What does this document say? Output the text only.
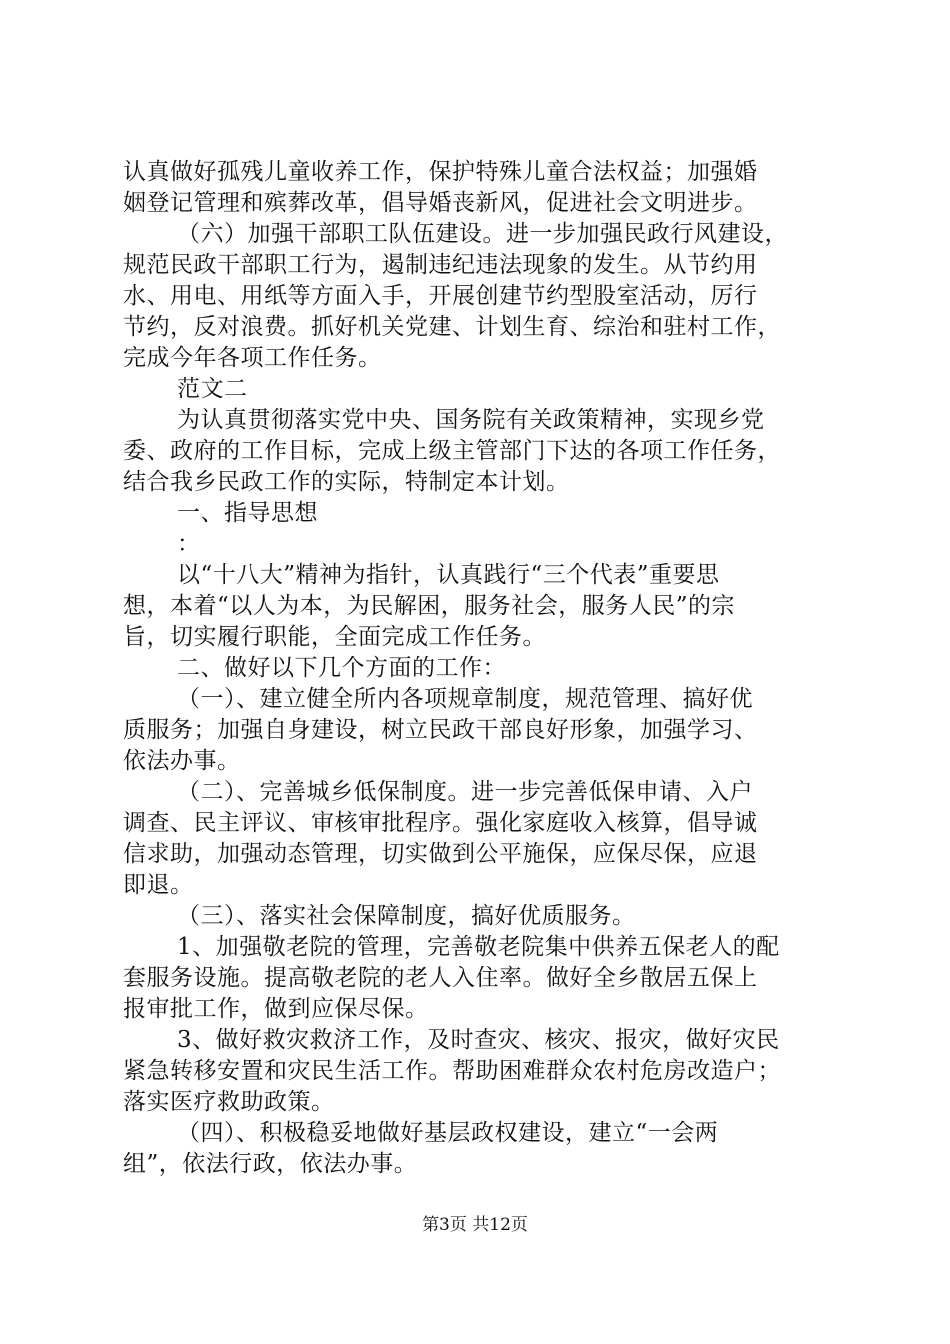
认真做好孤残儿童收养工作，保护特殊儿童合法权益；加强婚
姻登记管理和殡葬改革，倡导婚丧新风，促进社会文明进步。
（六）加强干部职工队伍建设。进一步加强民政行风建设，
规范民政干部职工行为，遏制违纪违法现象的发生。从节约用
水、用电、用纸等方面入手，开展创建节约型股室活动，厉行
节约，反对浪费。抓好机关党建、计划生育、综治和驻村工作，
完成今年各项工作任务。
范文二
为认真贯彻落实党中央、国务院有关政策精神，实现乡党
委、政府的工作目标，完成上级主管部门下达的各项工作任务，
结合我乡民政工作的实际，特制定本计划。
一、指导思想
：
以“十八大”精神为指针，认真践行“三个代表”重要思
想，本着“以人为本，为民解困，服务社会，服务人民”的宗
旨，切实履行职能，全面完成工作任务。
二、做好以下几个方面的工作：
（一）、建立健全所内各项规章制度，规范管理、搞好优
质服务；加强自身建设，树立民政干部良好形象，加强学习、
依法办事。
（二）、完善城乡低保制度。进一步完善低保申请、入户
调查、民主评议、审核审批程序。强化家庭收入核算，倡导诚
信求助，加强动态管理，切实做到公平施保，应保尽保，应退
即退。
（三）、落实社会保障制度，搞好优质服务。
1、加强敬老院的管理，完善敬老院集中供养五保老人的配
套服务设施。提高敬老院的老人入住率。做好全乡散居五保上
报审批工作，做到应保尽保。
3、做好救灾救济工作，及时查灾、核灾、报灾，做好灾民
紧急转移安置和灾民生活工作。帮助困难群众农村危房改造户；
落实医疗救助政策。
（四）、积极稳妥地做好基层政权建设，建立“一会两
组”，依法行政，依法办事。
第3页 共12页
